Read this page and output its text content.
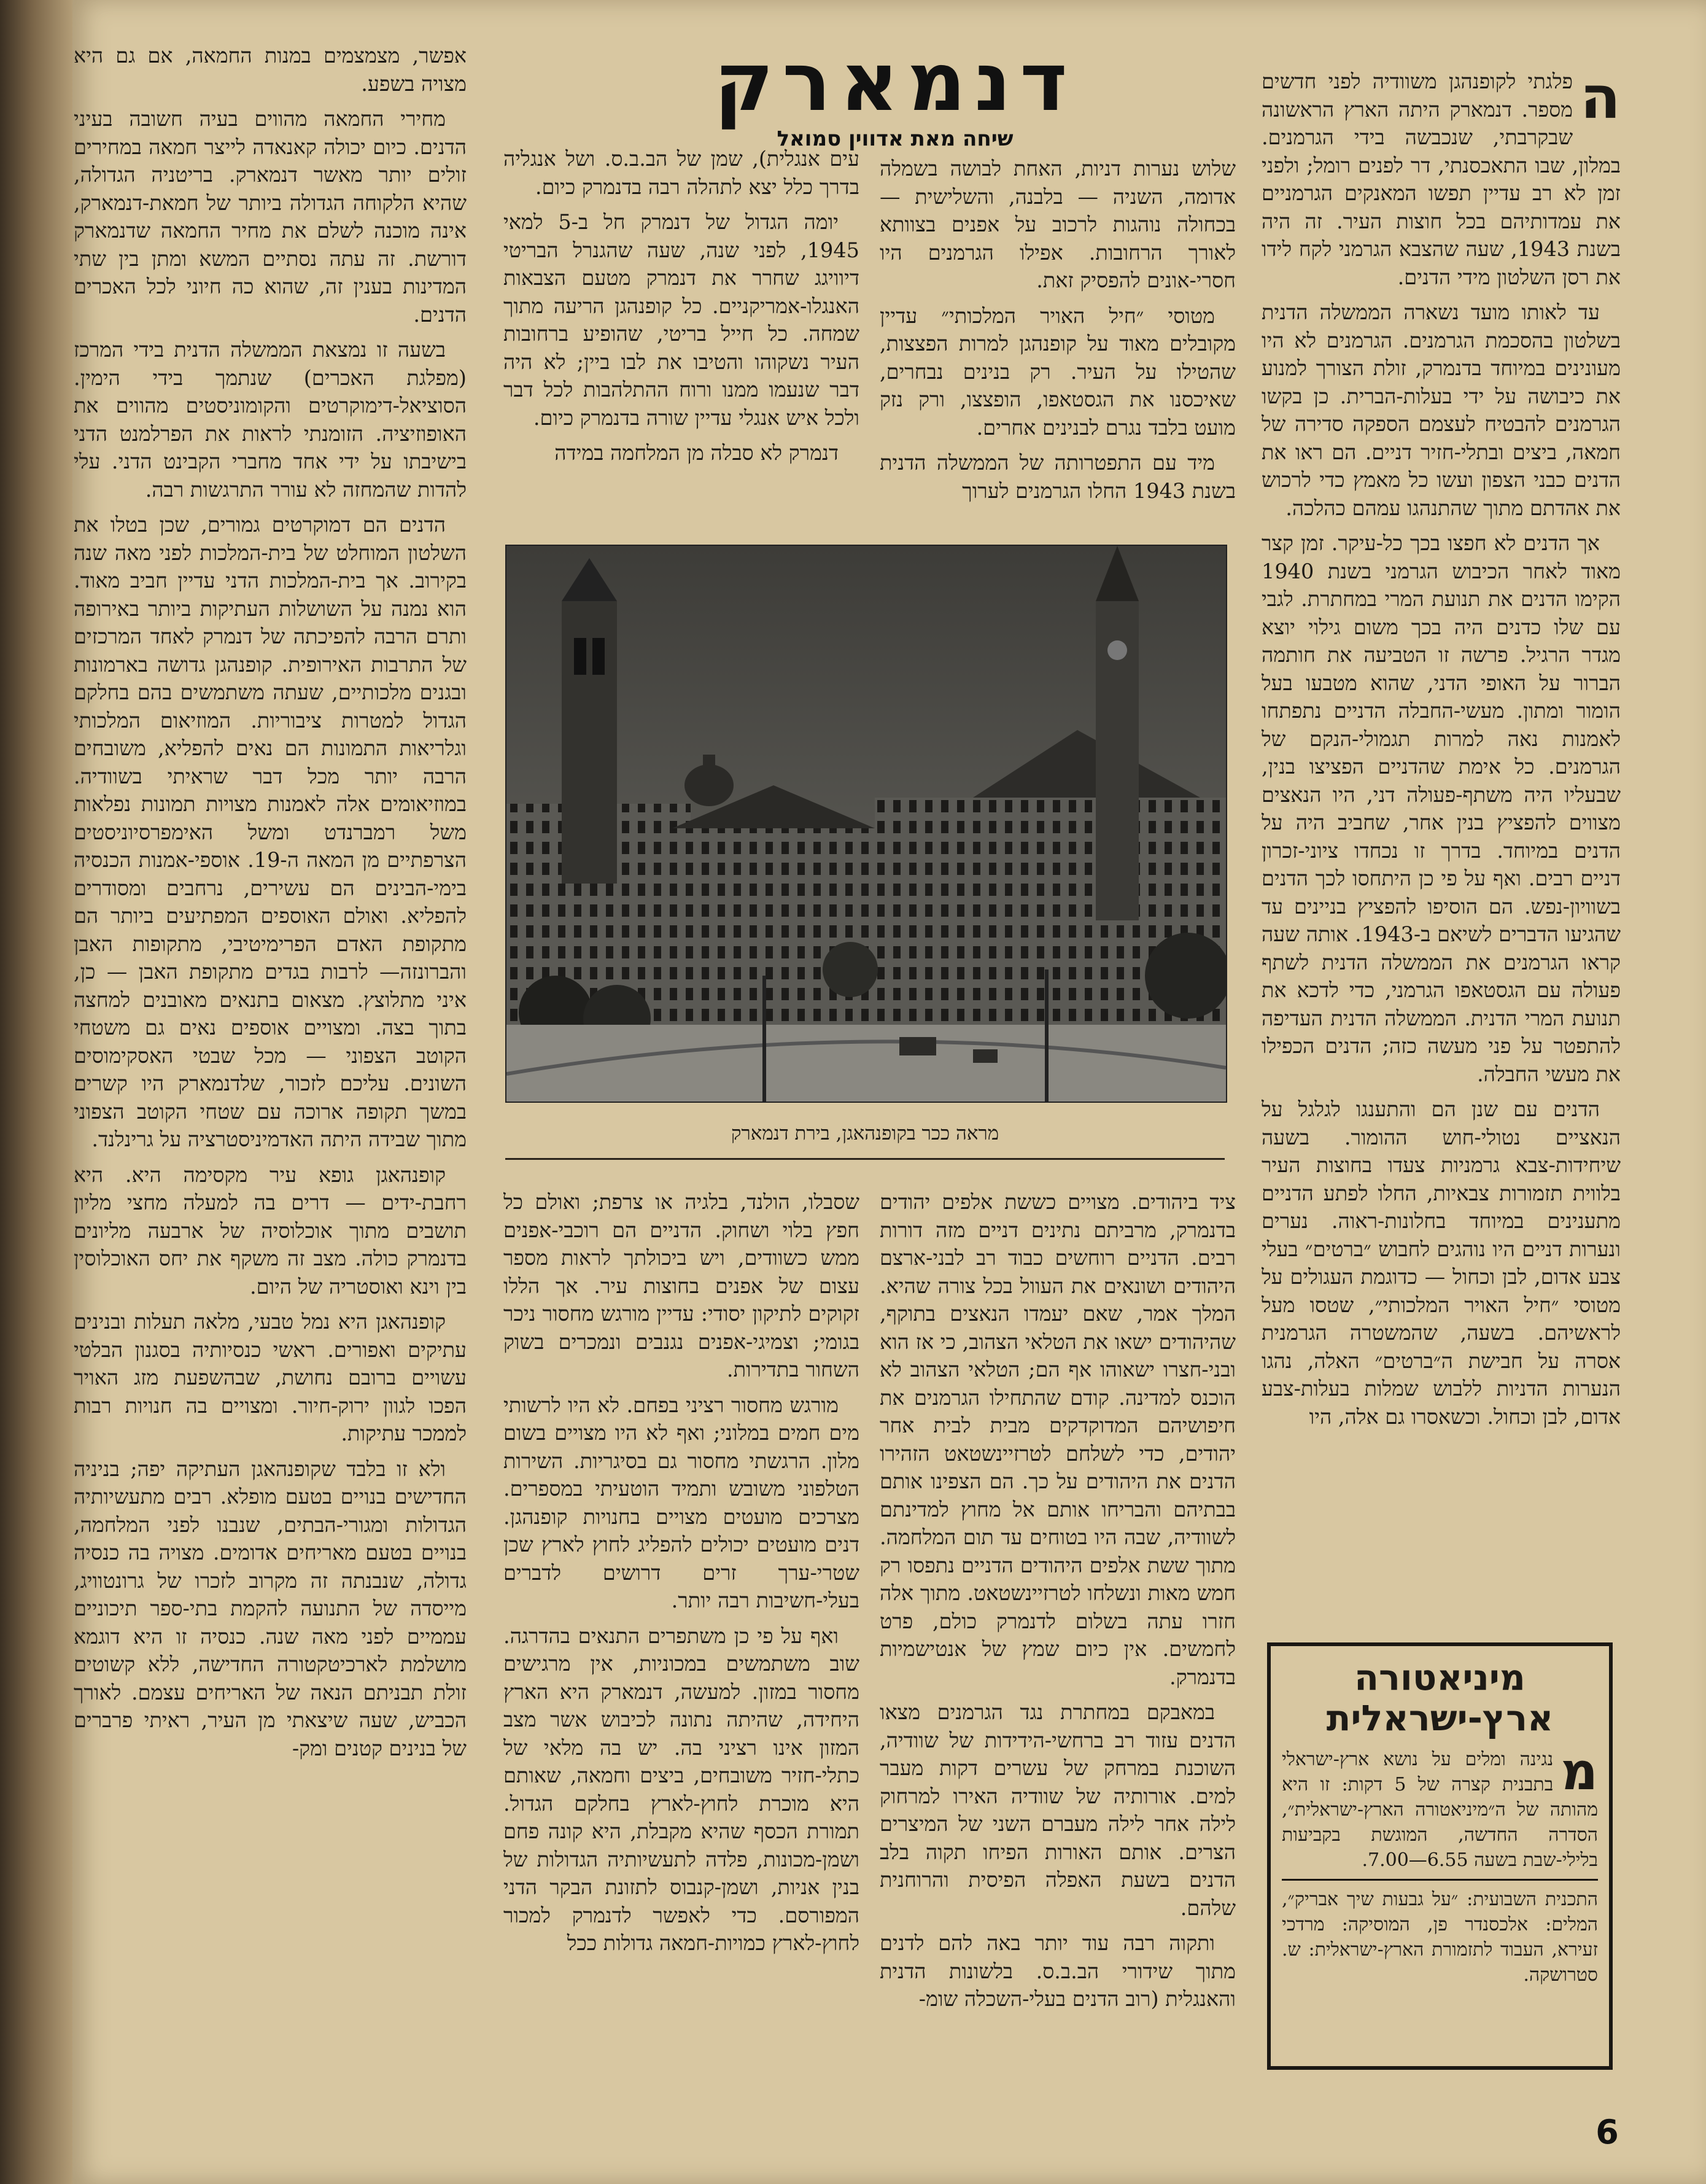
דנמארק
שיחה מאת אדווין סמואל

ה
פלגתי לקופנהגן משוודיה לפני חדשים מספר. דנמארק היתה הארץ הראשונה שבקרבתי, שנכבשה בידי הגרמנים. במלון, שבו התאכסנתי, דר לפנים רומל; ולפני זמן לא רב עדיין תפשו המאנקים הגרמניים את עמדותיהם בכל חוצות העיר. זה היה בשנת 1943, שעה שהצבא הגרמני לקח לידו את רסן השלטון מידי הדנים.

עד לאותו מועד נשארה הממשלה הדנית בשלטון בהסכמת הגרמנים. הגרמנים לא היו מעונינים במיוחד בדנמרק, זולת הצורך למנוע את כיבושה על ידי בעלות-הברית. כן בקשו הגרמנים להבטיח לעצמם הספקה סדירה של חמאה, ביצים ובתלי-חזיר דניים. הם ראו את הדנים כבני הצפון ועשו כל מאמץ כדי לרכוש את אהדתם מתוך שהתנהגו עמהם כהלכה.

אך הדנים לא חפצו בכך כל-עיקר. זמן קצר מאוד לאחר הכיבוש הגרמני בשנת 1940 הקימו הדנים את תנועת המרי במחתרת. לגבי עם שלו כדנים היה בכך משום גילוי יוצא מגדר הרגיל. פרשה זו הטביעה את חותמה הברור על האופי הדני, שהוא מטבעו בעל הומור ומתון. מעשי-החבלה הדניים נתפתחו לאמנות נאה למרות תגמולי-הנקם של הגרמנים. כל אימת שהדניים הפציצו בנין, שבעליו היה משתף-פעולה דני, היו הנאצים מצווים להפציץ בנין אחר, שחביב היה על הדנים במיוחד. בדרך זו נכחדו ציוני-זכרון דניים רבים. ואף על פי כן היתחסו לכך הדנים בשוויון-נפש. הם הוסיפו להפציץ בניינים עד שהגיעו הדברים לשיאם ב-1943. אותה שעה קראו הגרמנים את הממשלה הדנית לשתף פעולה עם הגסטאפו הגרמני, כדי לדכא את תנועת המרי הדנית. הממשלה הדנית העדיפה להתפטר על פני מעשה כזה; הדנים הכפילו את מעשי החבלה.

הדנים עם שנן הם והתענגו לגלגל על הנאציים נטולי-חוש ההומור. בשעה שיחידות-צבא גרמניות צעדו בחוצות העיר בלווית תזמורות צבאיות, החלו לפתע הדניים מתענינים במיוחד בחלונות-ראוה. נערים ונערות דניים היו נוהגים לחבוש ״ברטים״ בעלי צבע אדום, לבן וכחול — כדוגמת העגולים על מטוסי ״חיל האויר המלכותי״, שטסו מעל לראשיהם. בשעה, שהמשטרה הגרמנית אסרה על חבישת ה״ברטים״ האלה, נהגו הנערות הדניות ללבוש שמלות בעלות-צבע אדום, לבן וכחול. וכשאסרו גם אלה, היו

שלוש נערות דניות, האחת לבושה בשמלה אדומה, השניה — בלבנה, והשלישית — בכחולה נוהגות לרכוב על אפנים בצוותא לאורך הרחובות. אפילו הגרמנים היו חסרי-אונים להפסיק זאת.

מטוסי ״חיל האויר המלכותי״ עדיין מקובלים מאוד על קופנהגן למרות הפצצות, שהטילו על העיר. רק בנינים נבחרים, שאיכסנו את הגסטאפו, הופצצו, ורק נזק מועט בלבד נגרם לבנינים אחרים.

מיד עם התפטרותה של הממשלה הדנית בשנת 1943 החלו הגרמנים לערוך

עים אנגלית), שמן של הב.ב.ס. ושל אנגליה בדרך כלל יצא לתהלה רבה בדנמרק כיום.

יומה הגדול של דנמרק חל ב-5 למאי 1945, לפני שנה, שעה שהגנרל הבריטי דיוויגג שחרר את דנמרק מטעם הצבאות האנגלו-אמריקניים. כל קופנהגן הריעה מתוך שמחה. כל חייל בריטי, שהופיע ברחובות העיר נשקוהו והטיבו את לבו ביין; לא היה דבר שנעמו ממנו ורוח ההתלהבות לכל דבר ולכל איש אנגלי עדיין שורה בדנמרק כיום.

דנמרק לא סבלה מן המלחמה במידה

מראה ככר בקופנהאגן, בירת דנמארק

ציד ביהודים. מצויים כששת אלפים יהודים בדנמרק, מרביתם נתינים דניים מזה דורות רבים. הדניים רוחשים כבוד רב לבני-ארצם היהודים ושונאים את העוול בכל צורה שהיא. המלך אמר, שאם יעמדו הנאצים בתוקף, שהיהודים ישאו את הטלאי הצהוב, כי אז הוא ובני-חצרו ישאוהו אף הם; הטלאי הצהוב לא הוכנס למדינה. קודם שהתחילו הגרמנים את חיפושיהם המדוקדקים מבית לבית אחר יהודים, כדי לשלחם לטרזיינשטאט הזהירו הדנים את היהודים על כך. הם הצפינו אותם בבתיהם והבריחו אותם אל מחוץ למדינתם לשוודיה, שבה היו בטוחים עד תום המלחמה. מתוך ששת אלפים היהודים הדניים נתפסו רק חמש מאות ונשלחו לטרזיינשטאט. מתוך אלה חזרו עתה בשלום לדנמרק כולם, פרט לחמשים. אין כיום שמץ של אנטישמיות בדנמרק.

במאבקם במחתרת נגד הגרמנים מצאו הדנים עזוד רב ברחשי-הידידות של שוודיה, השוכנת במרחק של עשרים דקות מעבר למים. אורותיה של שוודיה האירו למרחוק לילה אחר לילה מעברם השני של המיצרים הצרים. אותם האורות הפיחו תקוה בלב הדנים בשעת האפלה הפיסית והרוחנית שלהם.

ותקוה רבה עוד יותר באה להם לדנים מתוך שידורי הב.ב.ס. בלשונות הדנית והאנגלית (רוב הדנים בעלי-השכלה שומ-

שסבלו, הולנד, בלגיה או צרפת; ואולם כל חפץ בלוי ושחוק. הדניים הם רוכבי-אפנים ממש כשוודים, ויש ביכולתך לראות מספר עצום של אפנים בחוצות עיר. אך הללו זקוקים לתיקון יסודי: עדיין מורגש מחסור ניכר בגומי; וצמיגי-אפנים נגנבים ונמכרים בשוק השחור בתדירות.

מורגש מחסור רציני בפחם. לא היו לרשותי מים חמים במלוני; ואף לא היו מצויים בשום מלון. הרגשתי מחסור גם בסיגריות. השירות הטלפוני משובש ותמיד הוטעיתי במספרים. מצרכים מועטים מצויים בחנויות קופנהגן. דנים מועטים יכולים להפליג לחוץ לארץ שכן שטרי-ערך זרים דרושים לדברים בעלי-חשיבות רבה יותר.

ואף על פי כן משתפרים התנאים בהדרגה. שוב משתמשים במכוניות, אין מרגישים מחסור במזון. למעשה, דנמארק היא הארץ היחידה, שהיתה נתונה לכיבוש אשר מצב המזון אינו רציני בה. יש בה מלאי של כתלי-חזיר משובחים, ביצים וחמאה, שאותם היא מוכרת לחוץ-לארץ בחלקם הגדול. תמורת הכסף שהיא מקבלת, היא קונה פחם ושמן-מכונות, פלדה לתעשיותיה הגדולות של בנין אניות, ושמן-קנבוס לתזונת הבקר הדני המפורסם. כדי לאפשר לדנמרק למכור לחוץ-לארץ כמויות-חמאה גדולות ככל

אפשר, מצמצמים במנות החמאה, אם גם היא מצויה בשפע.

מחירי החמאה מהווים בעיה חשובה בעיני הדנים. כיום יכולה קאנאדה לייצר חמאה במחירים זולים יותר מאשר דנמארק. בריטניה הגדולה, שהיא הלקוחה הגדולה ביותר של חמאת-דנמארק, אינה מוכנה לשלם את מחיר החמאה שדנמארק דורשת. זה עתה נסתיים המשא ומתן בין שתי המדינות בענין זה, שהוא כה חיוני לכל האכרים הדנים.

בשעה זו נמצאת הממשלה הדנית בידי המרכז (מפלגת האכרים) שנתמך בידי הימין. הסוציאל-דימוקרטים והקומוניסטים מהווים את האופוזיציה. הזומנתי לראות את הפרלמנט הדני בישיבתו על ידי אחד מחברי הקבינט הדני. עלי להדות שהמחזה לא עורר התרגשות רבה.

הדנים הם דמוקרטים גמורים, שכן בטלו את השלטון המוחלט של בית-המלכות לפני מאה שנה בקירוב. אך בית-המלכות הדני עדיין חביב מאוד. הוא נמנה על השושלות העתיקות ביותר באירופה ותרם הרבה להפיכתה של דנמרק לאחד המרכזים של התרבות האירופית. קופנהגן גדושה בארמונות ובגנים מלכותיים, שעתה משתמשים בהם בחלקם הגדול למטרות ציבוריות. המוזיאום המלכותי וגלריאות התמונות הם נאים להפליא, משובחים הרבה יותר מכל דבר שראיתי בשוודיה. במוזיאומים אלה לאמנות מצויות תמונות נפלאות משל רמברנדט ומשל האימפרסיוניסטים הצרפתיים מן המאה ה-19. אוספי-אמנות הכנסיה בימי-הבינים הם עשירים, נרחבים ומסודרים להפליא. ואולם האוספים המפתיעים ביותר הם מתקופת האדם הפרימיטיבי, מתקופות האבן והברונזה— לרבות בגדים מתקופת האבן — כן, איני מתלוצץ. מצאום בתנאים מאובנים למחצה בתוך בצה. ומצויים אוספים נאים גם משטחי הקוטב הצפוני — מכל שבטי האסקימוסים השונים. עליכם לזכור, שלדנמארק היו קשרים במשך תקופה ארוכה עם שטחי הקוטב הצפוני מתוך שבידה היתה האדמיניסטרציה על גרינלנד.

קופנהאגן גופא עיר מקסימה היא. היא רחבת-ידים — דרים בה למעלה מחצי מליון תושבים מתוך אוכלוסיה של ארבעה מליונים בדנמרק כולה. מצב זה משקף את יחס האוכלוסין בין וינא ואוסטריה של היום.

קופנהאגן היא נמל טבעי, מלאה תעלות ובנינים עתיקים ואפורים. ראשי כנסיותיה בסגנון הבלטי עשויים ברובם נחושת, שבהשפעת מזג האויר הפכו לגוון ירוק-חיור. ומצויים בה חנויות רבות לממכר עתיקות.

ולא זו בלבד שקופנהאגן העתיקה יפה; בניניה החדישים בנויים בטעם מופלא. רבים מתעשיותיה הגדולות ומגורי-הבתים, שנבנו לפני המלחמה, בנויים בטעם מאריחים אדומים. מצויה בה כנסיה גדולה, שנבנתה זה מקרוב לזכרו של גרונטוויג, מייסדה של התנועה להקמת בתי-ספר תיכוניים עממיים לפני מאה שנה. כנסיה זו היא דוגמא מושלמת לארכיטקטורה החדישה, ללא קשוטים זולת תבניתם הנאה של האריחים עצמם. לאורך הכביש, שעה שיצאתי מן העיר, ראיתי פרברים של בנינים קטנים ומק-

מיניאטורה
ארץ-ישראלית

מ
נגינה ומלים על נושא ארץ-ישראלי בתבנית קצרה של 5 דקות: זו היא מהותה של ה״מיניאטורה הארץ-ישראלית״, הסדרה החדשה, המוגשת בקביעות בלילי-שבת בשעה 6.55—7.00.

התכנית השבועית: ״על גבעות שיך אבריק״, המלים: אלכסנדר פן, המוסיקה: מרדכי זעירא, העבוד לתזמורת הארץ-ישראלית: ש. סטרושקה.

6
